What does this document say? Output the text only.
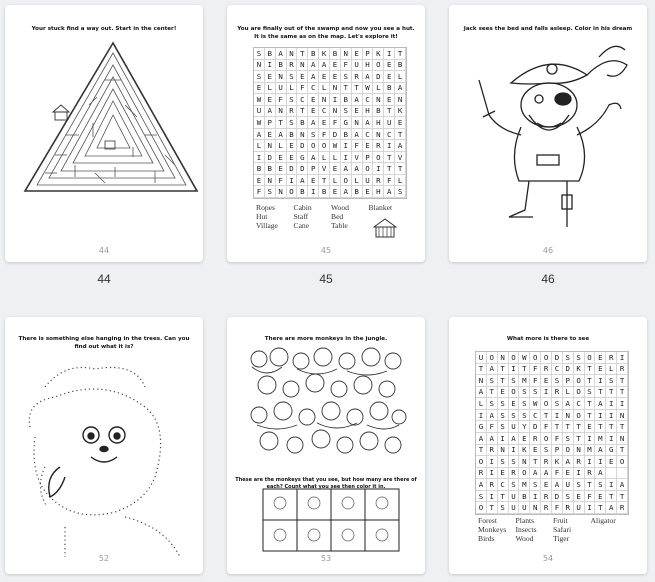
Your stuck find a way out. Start in the center!
44
44
You are finally out of the swamp and now you see a hut. It is the same as on the map. Let's explore it!
S B A N T B K B N E P K I T
N I B R N A A E F U H O E B
S E N S E A E E S R A D E L
E L U L F C L N T T W L B A
W E F S C E N I B A C N E N
U A N R T E C N S E H B T K
W P T S B A E F G N A H U E
A E A B N S F D B A C N C T
L N L E D O O W I F E R I A
I D E E G A L L I V P O T V
B B E D D P V E A A O I T T
E N F I A E T L O L U R F L
F S N O B I B E A B E H A S
Ropes	Cabin	Wood	Blanket
Hut	Staff	Bed
Village	Cane	Table
45
45
Jack sees the bed and falls asleep. Color in his dream
46
46
There is something else hanging in the trees. Can you find out what it is?
52
There are more monkeys in the jungle.
These are the monkeys that you see, but how many are there of each? Count what you see then color it in.
53
What more is there to see
U O N O W O O D S S O E R I
T A T I T F R C D K T E L R
N S T S M F E S P O T I S T
A T E O S S I R L O S T T T
L S S E S W O S A C T A I I
I A S S S C T I N O T I I N
G F S U Y D F T T T E T T T
A A I A E R O F S T I M I N
T R N I K E S P O N M A G T
O I S S N T R K A R I I E O
R I E R O A A F E I R A
A R C S M S E A U S T S I A
S I T U B I R D S E F E T T
O T S U U N R F R U I T A R
Forest	Plants	Fruit	Aligator
Monkeys	Insects	Safari
Birds	Wood	Tiger
54
